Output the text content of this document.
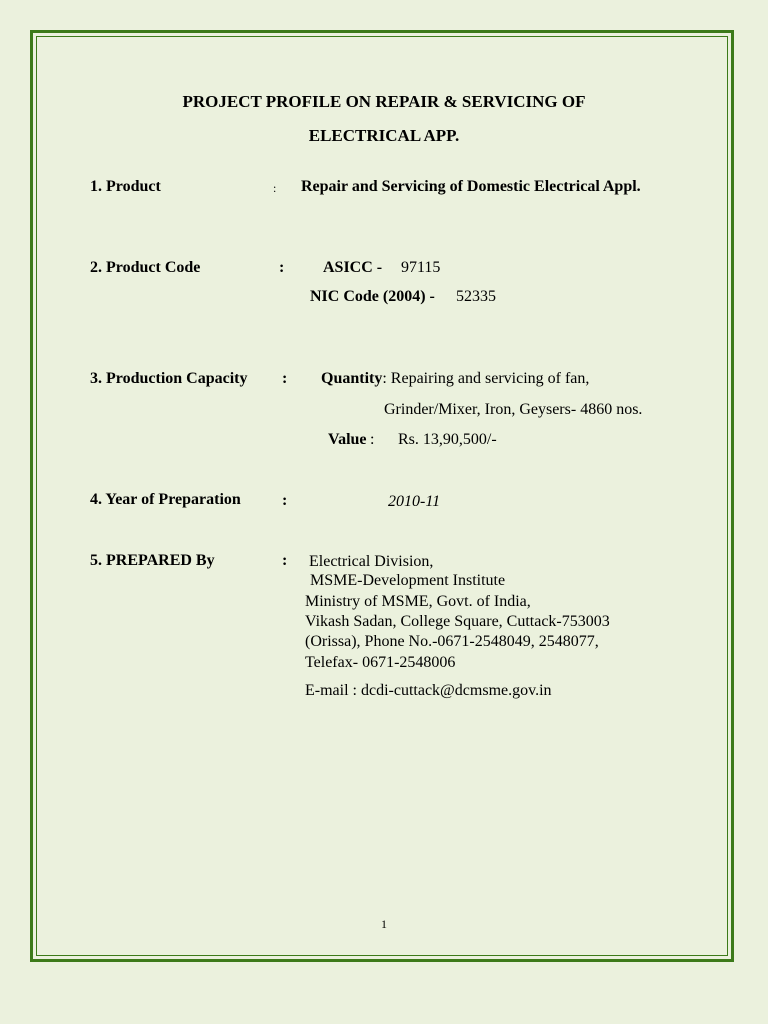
PROJECT PROFILE ON REPAIR & SERVICING OF
ELECTRICAL APP.
1. Product	: Repair and Servicing of Domestic Electrical Appl.
2. Product Code	: ASICC - 97115
NIC Code (2004) - 52335
3. Production Capacity : Quantity: Repairing and servicing of fan,
Grinder/Mixer, Iron, Geysers- 4860 nos.
Value : Rs. 13,90,500/-
4. Year of Preparation	:	2010-11
5. PREPARED By	: Electrical Division,
MSME-Development Institute
Ministry of MSME, Govt. of India,
Vikash Sadan, College Square, Cuttack-753003
(Orissa), Phone No.-0671-2548049, 2548077,
Telefax- 0671-2548006
E-mail : dcdi-cuttack@dcmsme.gov.in
1
